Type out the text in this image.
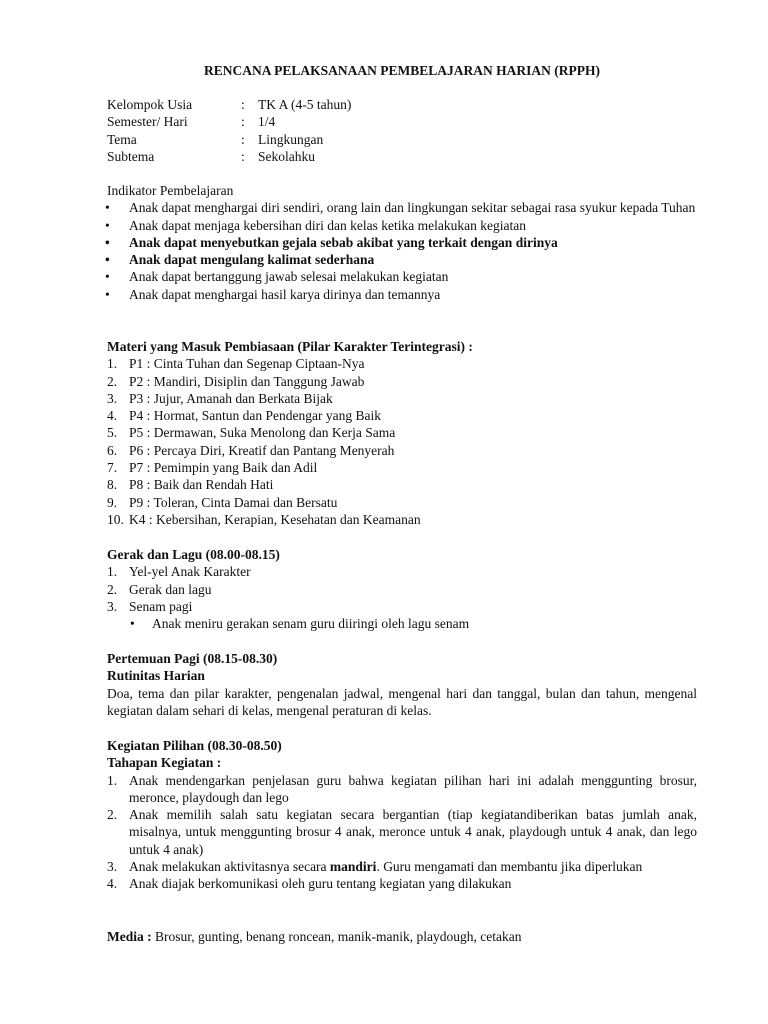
RENCANA PELAKSANAAN PEMBELAJARAN HARIAN (RPPH)
Kelompok Usia	: TK A (4-5 tahun)
Semester/ Hari	: 1/4
Tema	: Lingkungan
Subtema	: Sekolahku
Indikator Pembelajaran
•	Anak dapat menghargai diri sendiri, orang lain dan lingkungan sekitar sebagai rasa syukur kepada Tuhan
•	Anak dapat menjaga kebersihan diri dan kelas ketika melakukan kegiatan
•	Anak dapat menyebutkan gejala sebab akibat yang terkait dengan dirinya
•	Anak dapat mengulang kalimat sederhana
•	Anak dapat bertanggung jawab selesai melakukan kegiatan
•	Anak dapat menghargai hasil karya dirinya dan temannya
Materi yang Masuk Pembiasaan (Pilar Karakter Terintegrasi) :
1. P1 : Cinta Tuhan dan Segenap Ciptaan-Nya
2. P2 : Mandiri, Disiplin dan Tanggung Jawab
3. P3 : Jujur, Amanah dan Berkata Bijak
4. P4 : Hormat, Santun dan Pendengar yang Baik
5. P5 : Dermawan, Suka Menolong dan Kerja Sama
6. P6 : Percaya Diri, Kreatif dan Pantang Menyerah
7. P7 : Pemimpin yang Baik dan Adil
8. P8 : Baik dan Rendah Hati
9. P9 : Toleran, Cinta Damai dan Bersatu
10. K4 : Kebersihan, Kerapian, Kesehatan dan Keamanan
Gerak dan Lagu (08.00-08.15)
1. Yel-yel Anak Karakter
2. Gerak dan lagu
3. Senam pagi
• Anak meniru gerakan senam guru diiringi oleh lagu senam
Pertemuan Pagi (08.15-08.30)
Rutinitas Harian
Doa, tema dan pilar karakter, pengenalan jadwal, mengenal hari dan tanggal, bulan dan tahun, mengenal kegiatan dalam sehari di kelas, mengenal peraturan di kelas.
Kegiatan Pilihan (08.30-08.50)
Tahapan Kegiatan :
1. Anak mendengarkan penjelasan guru bahwa kegiatan pilihan hari ini adalah menggunting brosur, meronce, playdough dan lego
2. Anak memilih salah satu kegiatan secara bergantian (tiap kegiatandiberikan batas jumlah anak, misalnya, untuk menggunting brosur 4 anak, meronce untuk 4 anak, playdough untuk 4 anak, dan lego untuk 4 anak)
3. Anak melakukan aktivitasnya secara mandiri. Guru mengamati dan membantu jika diperlukan
4. Anak diajak berkomunikasi oleh guru tentang kegiatan yang dilakukan
Media : Brosur, gunting, benang roncean, manik-manik, playdough, cetakan
